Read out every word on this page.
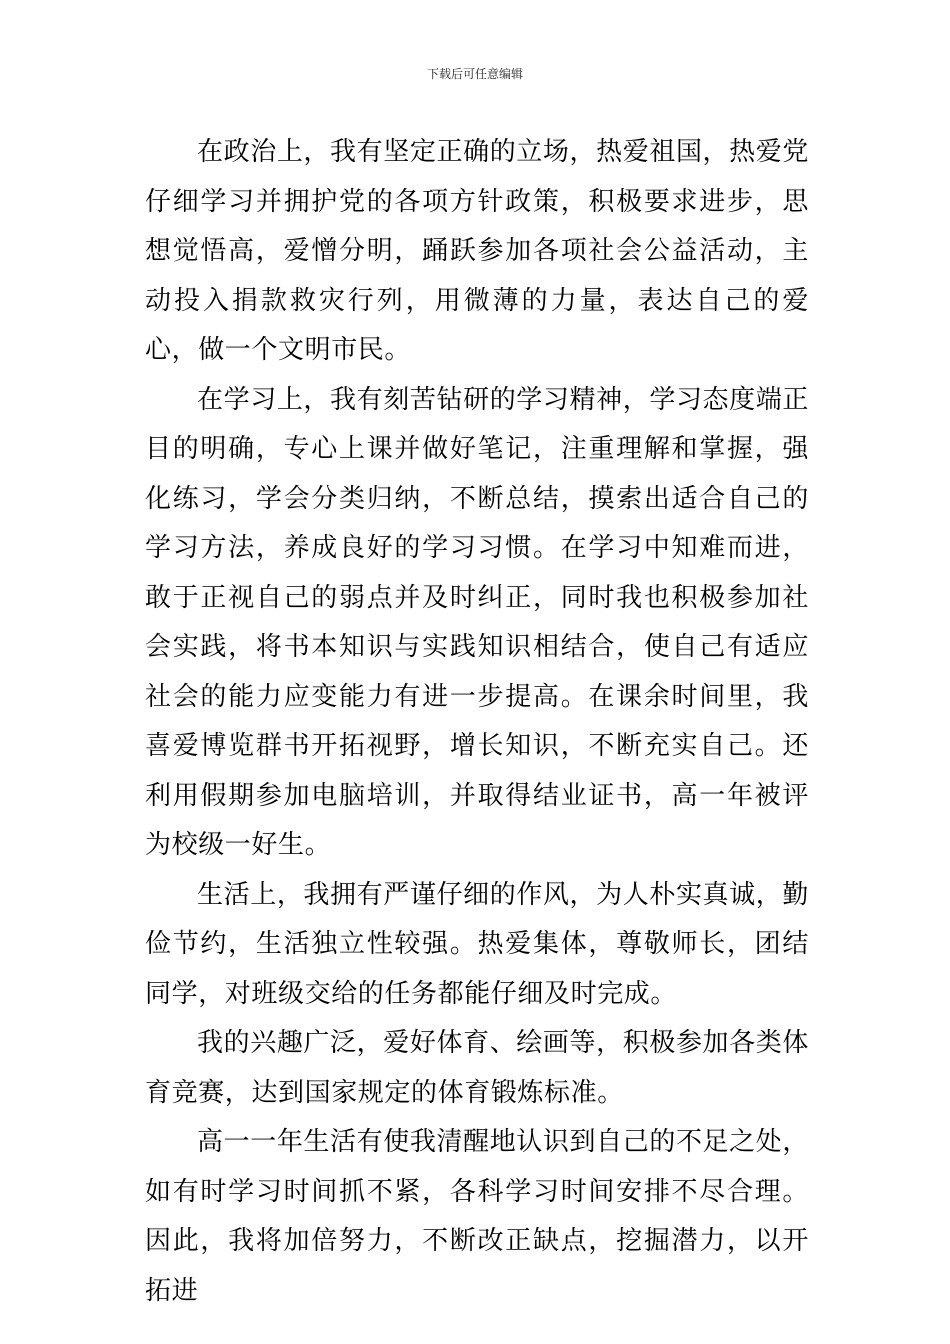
下载后可任意编辑

在政治上，我有坚定正确的立场，热爱祖国，热爱党仔细学习并拥护党的各项方针政策，积极要求进步，思想觉悟高，爱憎分明，踊跃参加各项社会公益活动，主动投入捐款救灾行列，用微薄的力量，表达自己的爱心，做一个文明市民。

在学习上，我有刻苦钻研的学习精神，学习态度端正目的明确，专心上课并做好笔记，注重理解和掌握，强化练习，学会分类归纳，不断总结，摸索出适合自己的学习方法，养成良好的学习习惯。在学习中知难而进，敢于正视自己的弱点并及时纠正，同时我也积极参加社会实践，将书本知识与实践知识相结合，使自己有适应社会的能力应变能力有进一步提高。在课余时间里，我喜爱博览群书开拓视野，增长知识，不断充实自己。还利用假期参加电脑培训，并取得结业证书，高一年被评为校级一好生。

生活上，我拥有严谨仔细的作风，为人朴实真诚，勤俭节约，生活独立性较强。热爱集体，尊敬师长，团结同学，对班级交给的任务都能仔细及时完成。

我的兴趣广泛，爱好体育、绘画等，积极参加各类体育竞赛，达到国家规定的体育锻炼标准。

高一一年生活有使我清醒地认识到自己的不足之处，如有时学习时间抓不紧，各科学习时间安排不尽合理。因此，我将加倍努力，不断改正缺点，挖掘潜力，以开拓进
